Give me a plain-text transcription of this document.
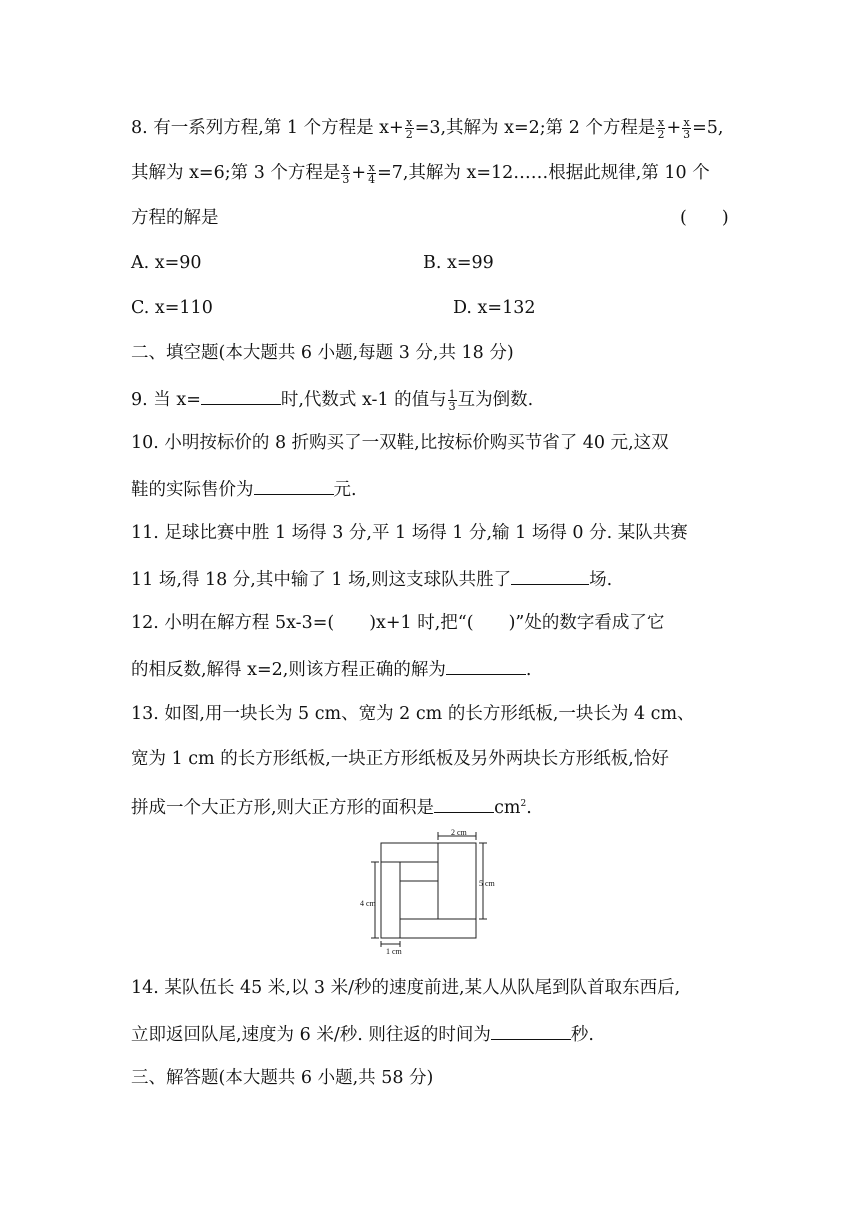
8. 有一系列方程,第 1 个方程是 $x+ \frac{x}{2} =3$,其解为 x=2;第 2 个方程是 $\frac{x}{2} + \frac{x}{3} =5$,
其解为 x=6;第 3 个方程是 $\frac{x}{3} + \frac{x}{4} =7$,其解为 x=12……根据此规律,第 10 个
方程的解是	(　　)
A. x=90	B. x=99
C. x=110	D. x=132
二、填空题(本大题共 6 小题,每题 3 分,共 18 分)
9. 当 x=	时,代数式 x-1 的值与 $\frac{1}{3}$ 互为倒数.
10. 小明按标价的 8 折购买了一双鞋,比按标价购买节省了 40 元,这双
鞋的实际售价为	元.
11. 足球比赛中胜 1 场得 3 分,平 1 场得 1 分,输 1 场得 0 分. 某队共赛
11 场,得 18 分,其中输了 1 场,则这支球队共胜了	场.
12. 小明在解方程 5x-3=(　　)x+1 时,把“(　　)”处的数字看成了它
的相反数,解得 x=2,则该方程正确的解为	.
13. 如图,用一块长为 5 cm、宽为 2 cm 的长方形纸板,一块长为 4 cm、
宽为 1 cm 的长方形纸板,一块正方形纸板及另外两块长方形纸板,恰好
拼成一个大正方形,则大正方形的面积是	$cm^2$.
2 cm
5 cm
4 cm
1 cm
14. 某队伍长 45 米,以 3 米/秒的速度前进,某人从队尾到队首取东西后,
立即返回队尾,速度为 6 米/秒. 则往返的时间为	秒.
三、解答题(本大题共 6 小题,共 58 分)
